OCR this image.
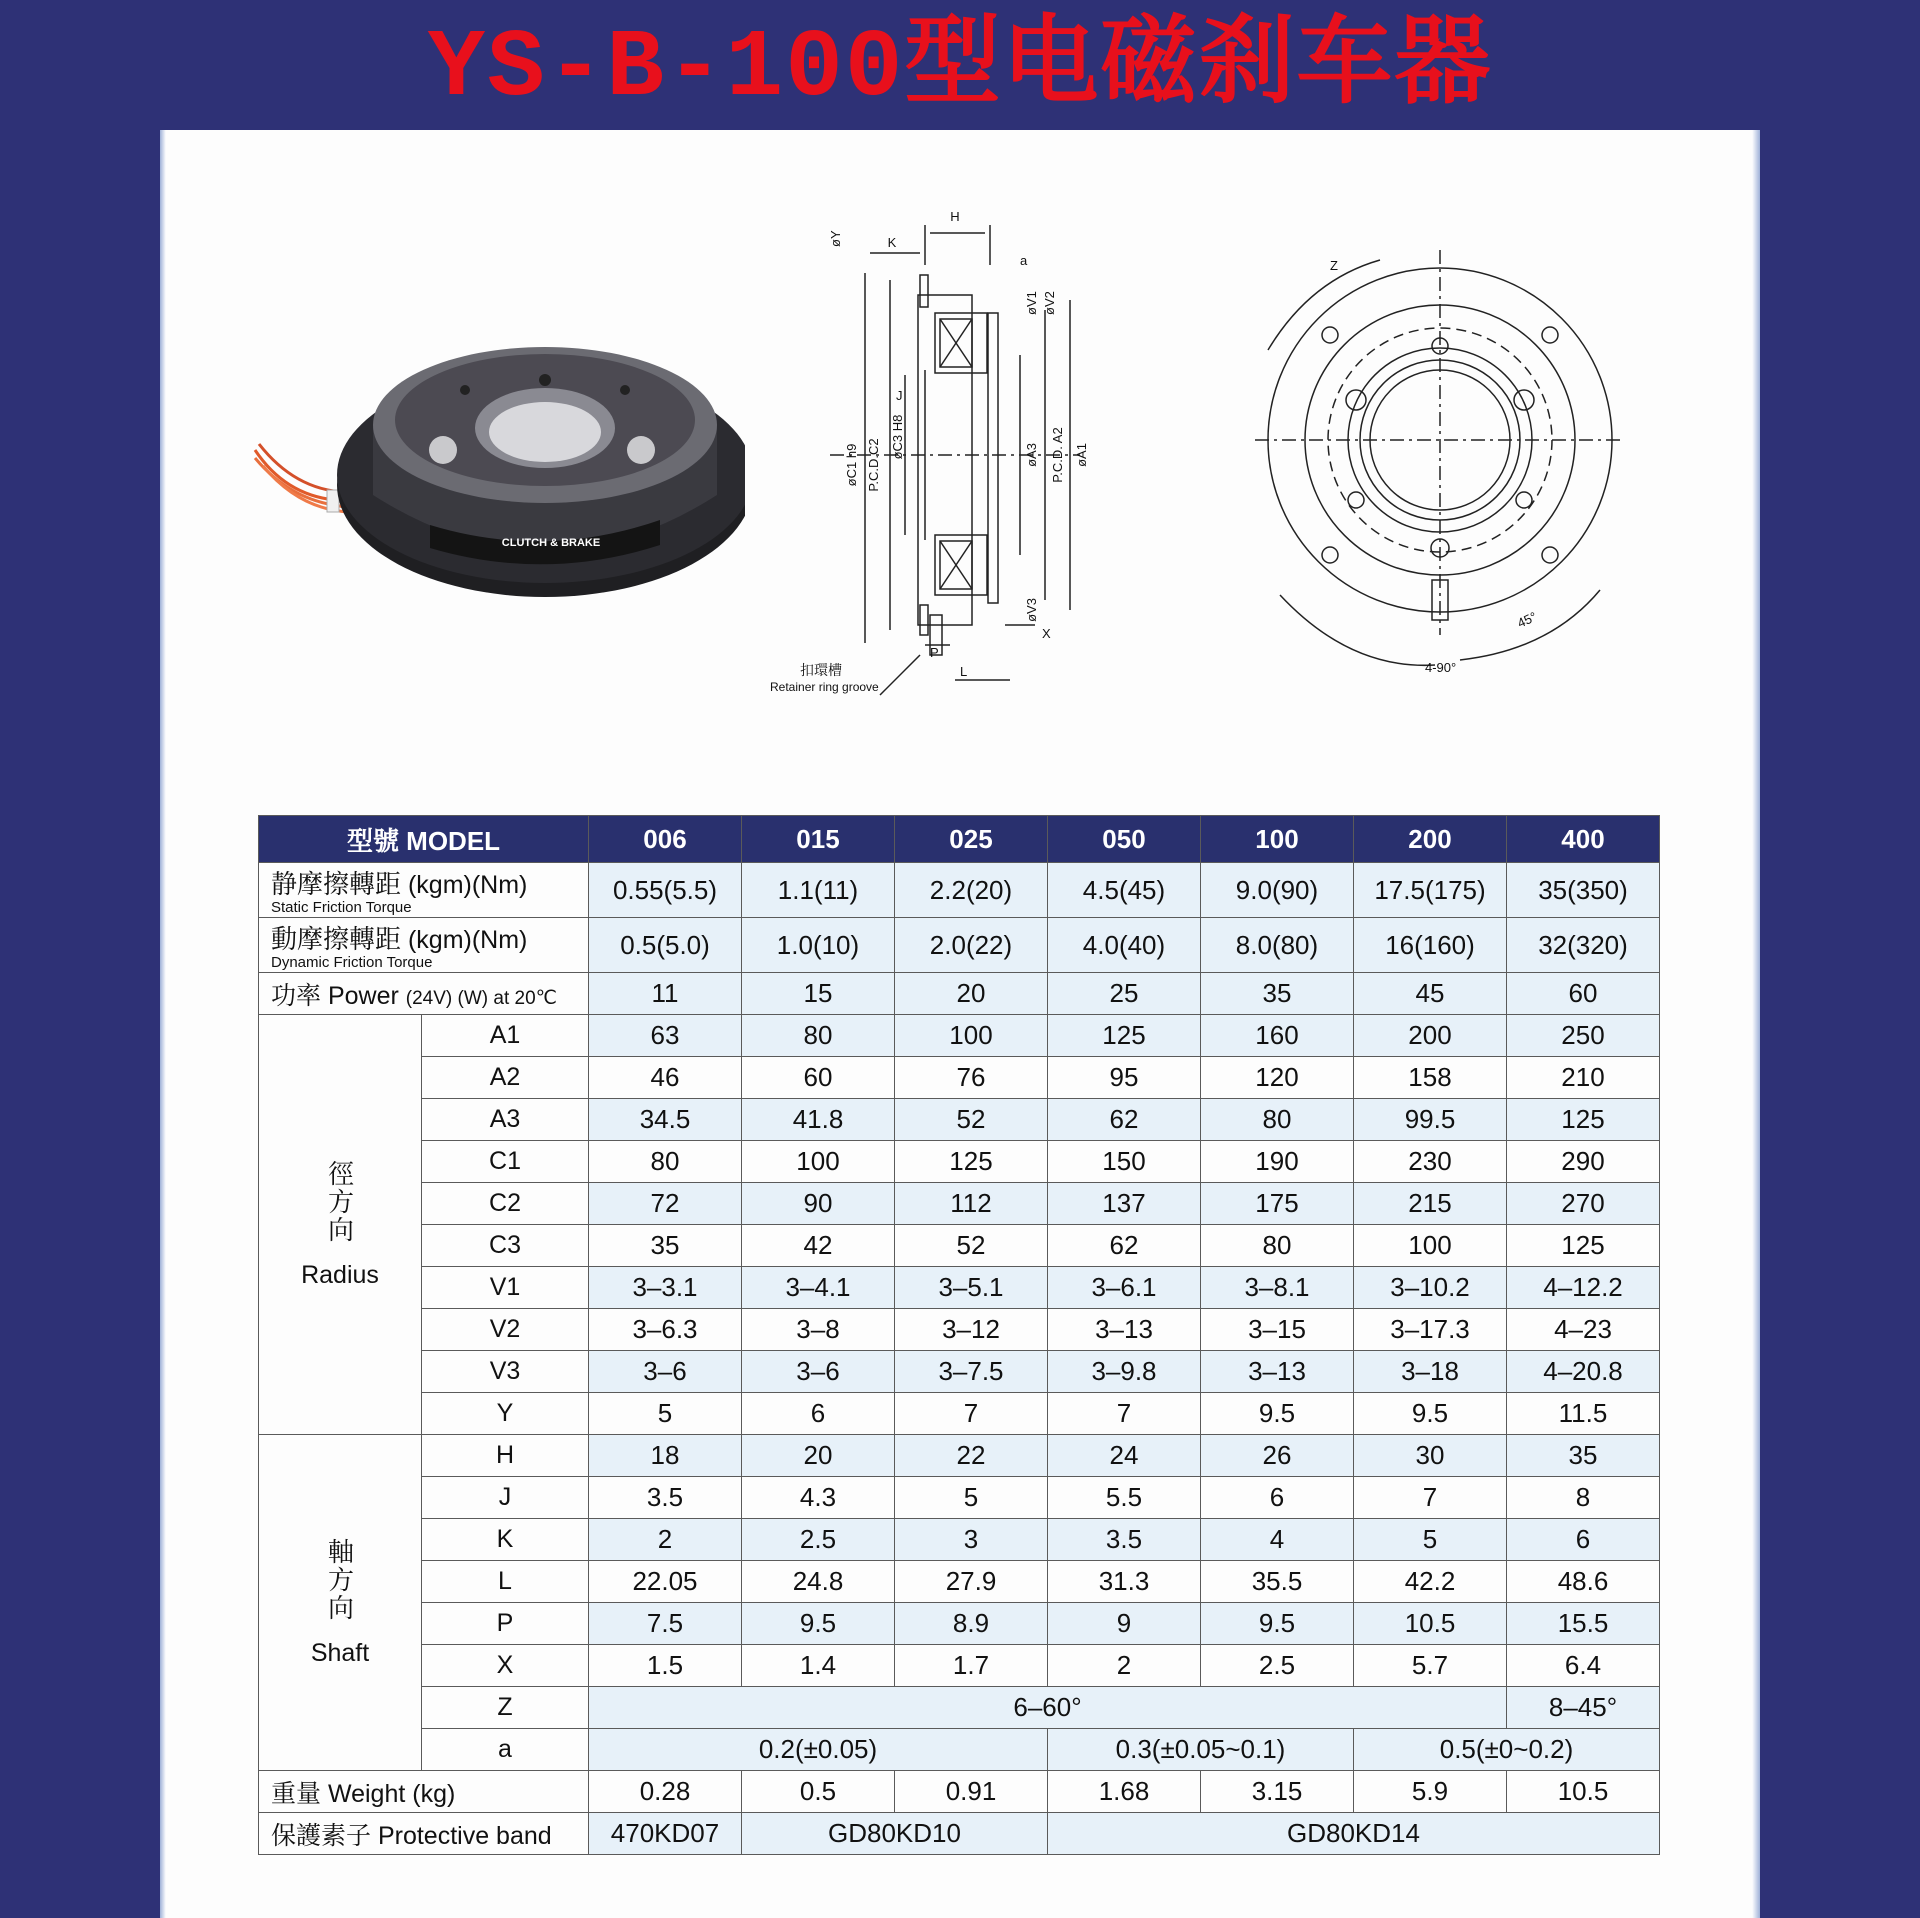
YS-B-100型电磁刹车器
CLUTCH & BRAKE
H
K
a
øY
øV1 øV2
J
øC1 h9 P.C.D.C2
øC3 H8	øA3 P.C.D. A2 øA1
øV3
X
P
L
扣環槽
Retainer ring groove
Z
45°
4-90°
型號 MODEL		006	015	025	050	100	200	400
静摩擦轉距 (kgm)(Nm)
Static Friction Torque		0.55(5.5)	1.1(11)	2.2(20)	4.5(45)	9.0(90)	17.5(175)	35(350)
動摩擦轉距 (kgm)(Nm)
Dynamic Friction Torque		0.5(5.0)	1.0(10)	2.0(22)	4.0(40)	8.0(80)	16(160)	32(320)
功率 Power (24V) (W) at 20℃		11	15	20	25	35	45	60
徑方向
Radius	A1	63	80	100	125	160	200	250
	A2	46	60	76	95	120	158	210
	A3	34.5	41.8	52	62	80	99.5	125
	C1	80	100	125	150	190	230	290
	C2	72	90	112	137	175	215	270
	C3	35	42	52	62	80	100	125
	V1	3–3.1	3–4.1	3–5.1	3–6.1	3–8.1	3–10.2	4–12.2
	V2	3–6.3	3–8	3–12	3–13	3–15	3–17.3	4–23
	V3	3–6	3–6	3–7.5	3–9.8	3–13	3–18	4–20.8
	Y	5	6	7	7	9.5	9.5	11.5
軸方向
Shaft	H	18	20	22	24	26	30	35
	J	3.5	4.3	5	5.5	6	7	8
	K	2	2.5	3	3.5	4	5	6
	L	22.05	24.8	27.9	31.3	35.5	42.2	48.6
	P	7.5	9.5	8.9	9	9.5	10.5	15.5
	X	1.5	1.4	1.7	2	2.5	5.7	6.4
	Z	6–60°						8–45°
	a	0.2(±0.05)			0.3(±0.05~0.1)		0.5(±0~0.2)	
重量 Weight (kg)		0.28	0.5	0.91	1.68	3.15	5.9	10.5
保護素子 Protective band		470KD07	GD80KD10		GD80KD14			
